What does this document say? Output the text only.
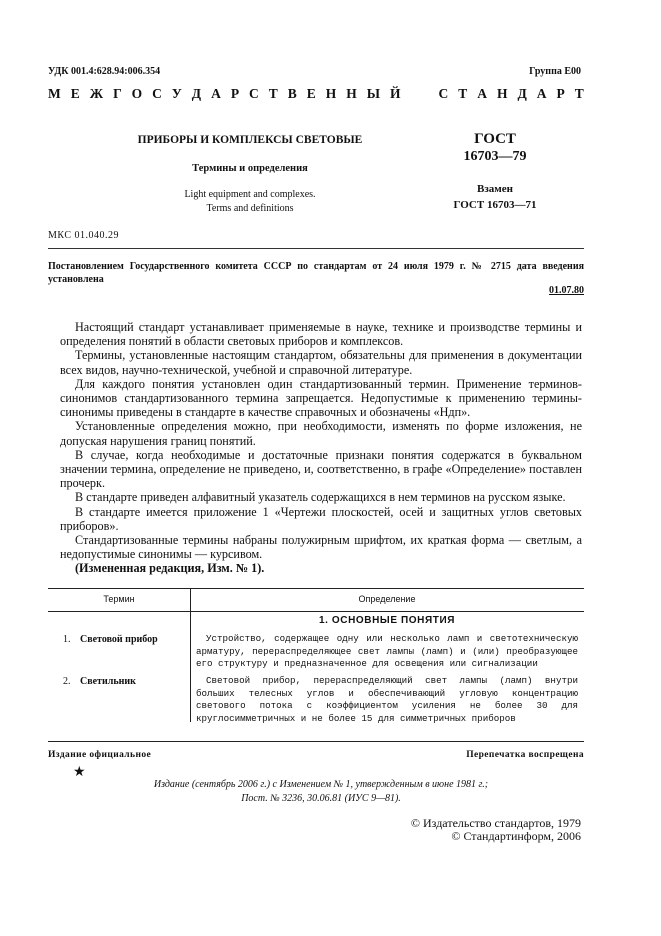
УДК 001.4:628.94:006.354	Группа Е00
М Е Ж Г О С У Д А Р С Т В Е Н Н Ы Й	С Т А Н Д А Р Т
ПРИБОРЫ И КОМПЛЕКСЫ СВЕТОВЫЕ
Термины и определения
Light equipment and complexes.
Terms and definitions
ГОСТ
16703—79
Взамен
ГОСТ 16703—71
МКС 01.040.29
Постановлением Государственного комитета СССР по стандартам от 24 июля 1979 г. № 2715 дата введения установлена
01.07.80

Настоящий стандарт устанавливает применяемые в науке, технике и производстве термины и определения понятий в области световых приборов и комплексов.

Термины, установленные настоящим стандартом, обязательны для применения в документации всех видов, научно-технической, учебной и справочной литературе.

Для каждого понятия установлен один стандартизованный термин. Применение терминов-синонимов стандартизованного термина запрещается. Недопустимые к применению термины-синонимы приведены в стандарте в качестве справочных и обозначены «Ндп».

Установленные определения можно, при необходимости, изменять по форме изложения, не допуская нарушения границ понятий.

В случае, когда необходимые и достаточные признаки понятия содержатся в буквальном значении термина, определение не приведено, и, соответственно, в графе «Определение» поставлен прочерк.

В стандарте приведен алфавитный указатель содержащихся в нем терминов на русском языке.

В стандарте имеется приложение 1 «Чертежи плоскостей, осей и защитных углов световых приборов».

Стандартизованные термины набраны полужирным шрифтом, их краткая форма — светлым, а недопустимые синонимы — курсивом.

(Измененная редакция, Изм. № 1).

Термин	Определение
1. ОСНОВНЫЕ ПОНЯТИЯ
1. Световой прибор	Устройство, содержащее одну или несколько ламп и светотехническую арматуру, перераспределяющее свет лампы (ламп) и (или) преобразующее его структуру и предназначенное для освещения или сигнализации
2. Светильник	Световой прибор, перераспределяющий свет лампы (ламп) внутри больших телесных углов и обеспечивающий угловую концентрацию светового потока с коэффициентом усиления не более 30 для круглосимметричных и не более 15 для симметричных приборов
Издание официальное	Перепечатка воспрещена
★
Издание (сентябрь 2006 г.) с Изменением № 1, утвержденным в июне 1981 г.;
Пост. № 3236, 30.06.81 (ИУС 9—81).
© Издательство стандартов, 1979
© Стандартинформ, 2006
